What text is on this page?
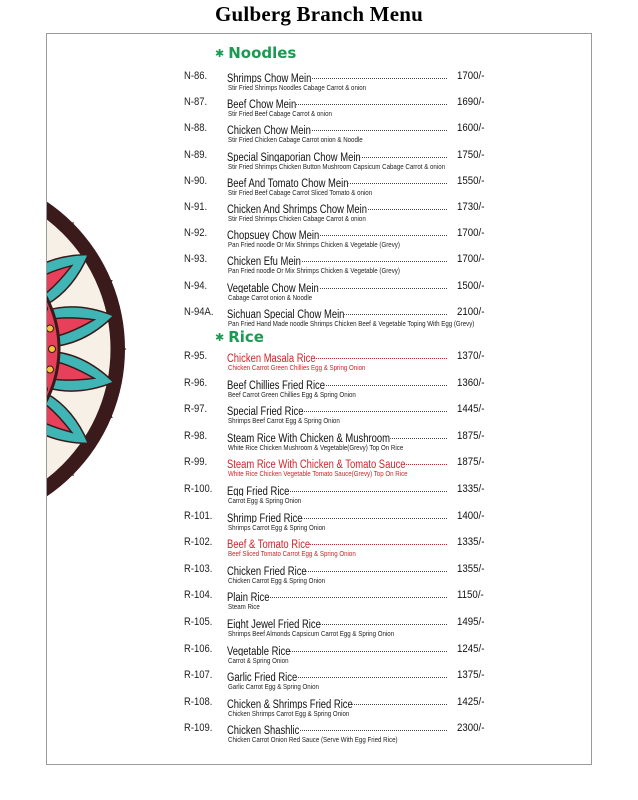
Gulberg Branch Menu
✱ Noodles
N-86. Shrimps Chow Mein	1700/-
Stir Fried Shrimps Noodles Cabage Carrot & onion
N-87. Beef Chow Mein	1690/-
Stir Fried Beef Cabage Carrot & onion
N-88. Chicken Chow Mein	1600/-
Stir Fried Chicken Cabage Carrot onion & Noodle
N-89. Special Singaporian Chow Mein	1750/-
Stir Fried Shrimps Chicken Button Mushroom Capsicum Cabage Carrot & onion
N-90. Beef And Tomato Chow Mein	1550/-
Stir Fried Beef Cabage Carrot Sliced Tomato & onion
N-91. Chicken And Shrimps Chow Mein	1730/-
Stir Fried Shrimps Chicken Cabage Carrot & onion
N-92. Chopsuey Chow Mein	1700/-
Pan Fried noodle Or Mix Shrimps Chicken & Vegetable (Grevy)
N-93. Chicken Efu Mein	1700/-
Pan Fried noodle Or Mix Shrimps Chicken & Vegetable (Grevy)
N-94. Vegetable Chow Mein	1500/-
Cabage Carrot onion & Noodle
N-94A. Sichuan Special Chow Mein	2100/-
Pan Fried Hand Made noodle Shrimps Chicken Beef & Vegetable Toping With Egg (Grevy)
✱ Rice
R-95. Chicken Masala Rice	1370/-
Chicken Carrot Green Chillies Egg & Spring Onion
R-96. Beef Chillies Fried Rice	1360/-
Beef Carrot Green Chillies Egg & Spring Onion
R-97. Special Fried Rice	1445/-
Shrimps Beef Carrot Egg & Spring Onion
R-98. Steam Rice With Chicken & Mushroom	1875/-
White Rice Chicken Mushroom & Vegetable(Grevy) Top On Rice
R-99. Steam Rice With Chicken & Tomato Sauce	1875/-
White Rice Chicken Vegetable Tomato Sauce(Grevy) Top On Rice
R-100. Egg Fried Rice	1335/-
Carrot Egg & Spring Onion
R-101. Shrimp Fried Rice	1400/-
Shrimps Carrot Egg & Spring Onion
R-102. Beef & Tomato Rice	1335/-
Beef Sliced Tomato Carrot Egg & Spring Onion
R-103. Chicken Fried Rice	1355/-
Chicken Carrot Egg & Spring Onion
R-104. Plain Rice	1150/-
Steam Rice
R-105. Eight Jewel Fried Rice	1495/-
Shrimps Beef Almonds Capsicum Carrot Egg & Spring Onion
R-106. Vegetable Rice	1245/-
Carrot & Spring Onion
R-107. Garlic Fried Rice	1375/-
Garlic Carrot Egg & Spring Onion
R-108. Chicken & Shrimps Fried Rice	1425/-
Chicken Shrimps Carrot Egg & Spring Onion
R-109. Chicken Shashlic	2300/-
Chicken Carrot Onion Red Sauce (Serve With Egg Fried Rice)
